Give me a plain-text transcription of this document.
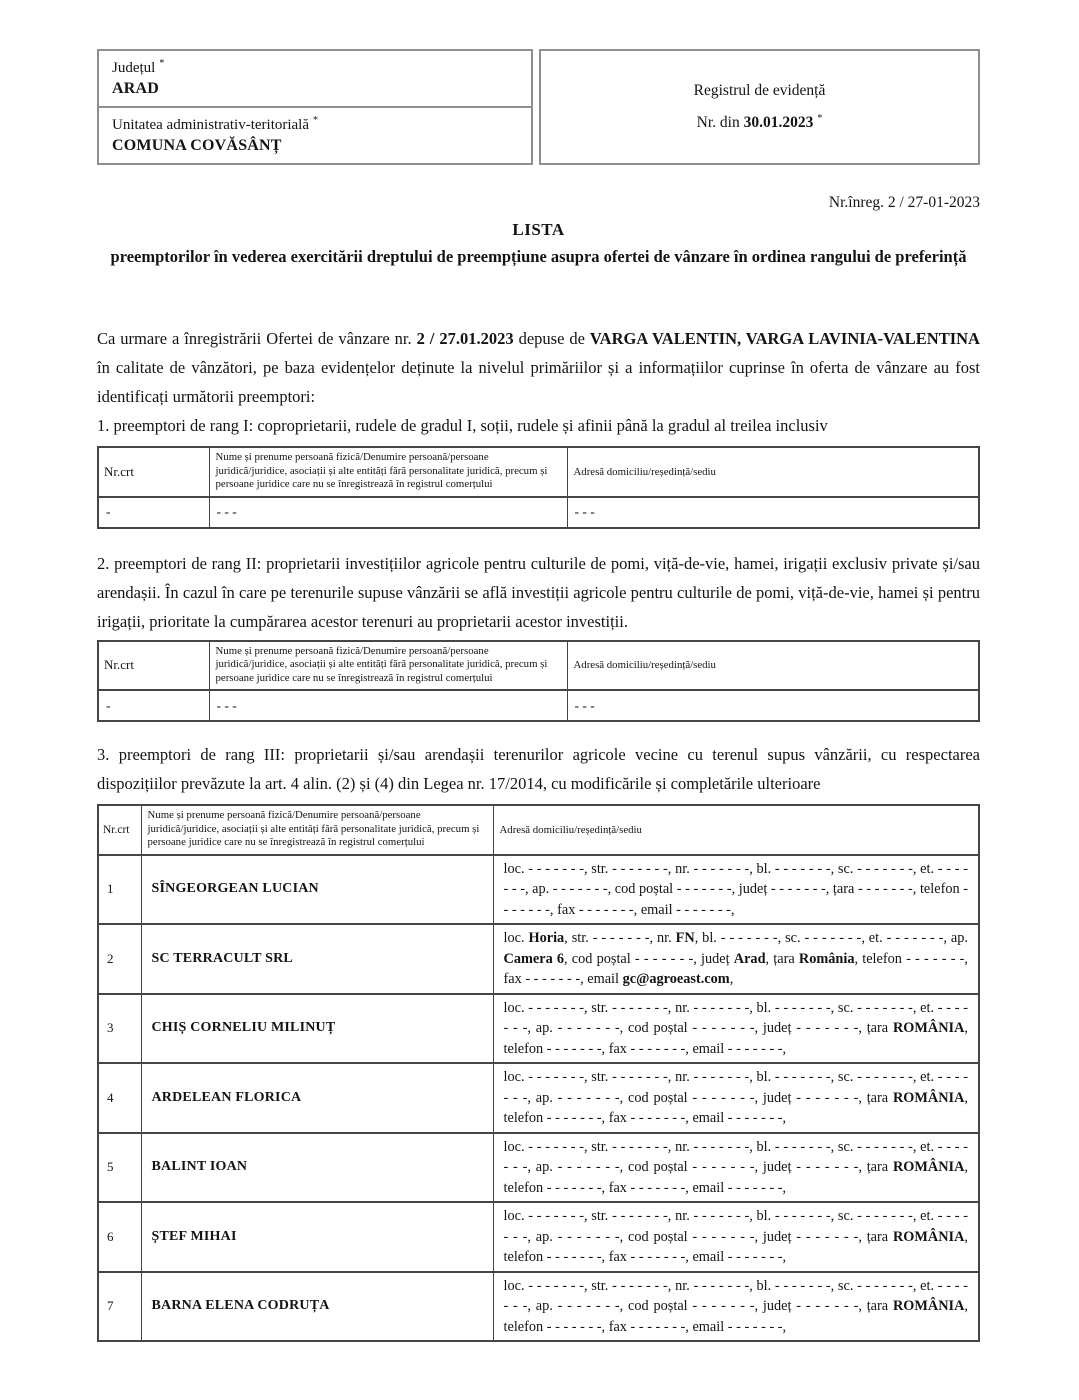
Județul *
ARAD
Unitatea administrativ-teritorială *
COMUNA COVĂSÂNȚ
Registrul de evidență
Nr. din 30.01.2023 *
Nr.înreg. 2 / 27-01-2023
LISTA
preemptorilor în vederea exercitării dreptului de preempțiune asupra ofertei de vânzare în ordinea rangului de preferință

Ca urmare a înregistrării Ofertei de vânzare nr. 2 / 27.01.2023 depuse de VARGA VALENTIN, VARGA LAVINIA-VALENTINA în calitate de vânzători, pe baza evidențelor deținute la nivelul primăriilor și a informațiilor cuprinse în oferta de vânzare au fost identificați următorii preemptori:

1. preemptori de rang I: coproprietarii, rudele de gradul I, soții, rudele și afinii până la gradul al treilea inclusiv

Nr.crt	Nume și prenume persoană fizică/Denumire persoană/persoane juridică/juridice, asociații și alte entități fără personalitate juridică, precum și persoane juridice care nu se înregistrează în registrul comerțului	Adresă domiciliu/reședință/sediu
-	- - -	- - -

2. preemptori de rang II: proprietarii investițiilor agricole pentru culturile de pomi, viță-de-vie, hamei, irigații exclusiv private și/sau arendașii. În cazul în care pe terenurile supuse vânzării se află investiții agricole pentru culturile de pomi, viță-de-vie, hamei și pentru irigații, prioritate la cumpărarea acestor terenuri au proprietarii acestor investiții.

Nr.crt	Nume și prenume persoană fizică/Denumire persoană/persoane juridică/juridice, asociații și alte entități fără personalitate juridică, precum și persoane juridice care nu se înregistrează în registrul comerțului	Adresă domiciliu/reședință/sediu
-	- - -	- - -

3. preemptori de rang III: proprietarii și/sau arendașii terenurilor agricole vecine cu terenul supus vânzării, cu respectarea dispozițiilor prevăzute la art. 4 alin. (2) și (4) din Legea nr. 17/2014, cu modificările și completările ulterioare

Nr.crt	Nume și prenume persoană fizică/Denumire persoană/persoane juridică/juridice, asociații și alte entități fără personalitate juridică, precum și persoane juridice care nu se înregistrează în registrul comerțului	Adresă domiciliu/reședință/sediu
1	SÎNGEORGEAN LUCIAN	loc. - - - - - - -, str. - - - - - - -, nr. - - - - - - -, bl. - - - - - - -, sc. - - - - - - -, et. - - - - - - -, ap. - - - - - - -, cod poștal - - - - - - -, județ - - - - - - -, țara - - - - - - -, telefon - - - - - - -, fax - - - - - - -, email - - - - - - -,
2	SC TERRACULT SRL	loc. Horia, str. - - - - - - -, nr. FN, bl. - - - - - - -, sc. - - - - - - -, et. - - - - - - -, ap. Camera 6, cod poștal - - - - - - -, județ Arad, țara România, telefon - - - - - - -, fax - - - - - - -, email gc@agroeast.com,
3	CHIȘ CORNELIU MILINUȚ	loc. - - - - - - -, str. - - - - - - -, nr. - - - - - - -, bl. - - - - - - -, sc. - - - - - - -, et. - - - - - - -, ap. - - - - - - -, cod poștal - - - - - - -, județ - - - - - - -, țara ROMÂNIA, telefon - - - - - - -, fax - - - - - - -, email - - - - - - -,
4	ARDELEAN FLORICA	loc. - - - - - - -, str. - - - - - - -, nr. - - - - - - -, bl. - - - - - - -, sc. - - - - - - -, et. - - - - - - -, ap. - - - - - - -, cod poștal - - - - - - -, județ - - - - - - -, țara ROMÂNIA, telefon - - - - - - -, fax - - - - - - -, email - - - - - - -,
5	BALINT IOAN	loc. - - - - - - -, str. - - - - - - -, nr. - - - - - - -, bl. - - - - - - -, sc. - - - - - - -, et. - - - - - - -, ap. - - - - - - -, cod poștal - - - - - - -, județ - - - - - - -, țara ROMÂNIA, telefon - - - - - - -, fax - - - - - - -, email - - - - - - -,
6	ȘTEF MIHAI	loc. - - - - - - -, str. - - - - - - -, nr. - - - - - - -, bl. - - - - - - -, sc. - - - - - - -, et. - - - - - - -, ap. - - - - - - -, cod poștal - - - - - - -, județ - - - - - - -, țara ROMÂNIA, telefon - - - - - - -, fax - - - - - - -, email - - - - - - -,
7	BARNA ELENA CODRUȚA	loc. - - - - - - -, str. - - - - - - -, nr. - - - - - - -, bl. - - - - - - -, sc. - - - - - - -, et. - - - - - - -, ap. - - - - - - -, cod poștal - - - - - - -, județ - - - - - - -, țara ROMÂNIA, telefon - - - - - - -, fax - - - - - - -, email - - - - - - -,
